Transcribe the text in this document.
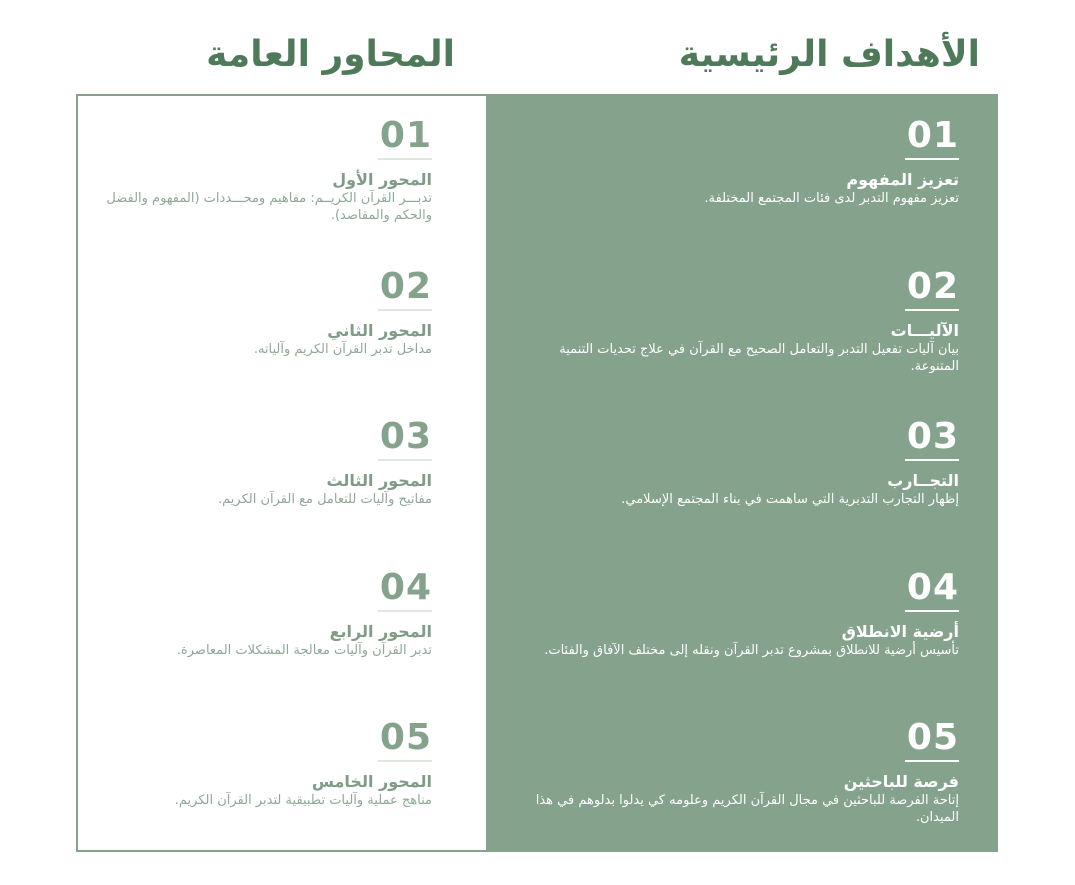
الأهداف الرئيسية
المحاور العامة
01
تعزيز المفهوم
تعزيز مفهوم التدبر لدى فئات المجتمع المختلفة.
02
الآليـــات
بيان آليات تفعيل التدبر والتعامل الصحيح مع القرآن في علاج تحديات التنمية المتنوعة.
03
التجــارب
إظهار التجارب التدبرية التي ساهمت في بناء المجتمع الإسلامي.
04
أرضية الانطلاق
تأسيس أرضية للانطلاق بمشروع تدبر القرآن ونقله إلى مختلف الآفاق والفئات.
05
فرصة للباحثين
إتاحة الفرصة للباحثين في مجال القرآن الكريم وعلومه كي يدلوا بدلوهم في هذا الميدان.
01
المحور الأول
تدبـــر القرآن الكريــم: مفاهيم ومحـــددات (المفهوم والفضل والحكم والمقاصد).
02
المحور الثاني
مداخل تدبر القرآن الكريم وآلياته.
03
المحور الثالث
مفاتيح وآليات للتعامل مع القرآن الكريم.
04
المحور الرابع
تدبر القرآن وآليات معالجة المشكلات المعاصرة.
05
المحور الخامس
مناهج عملية وآليات تطبيقية لتدبر القرآن الكريم.
